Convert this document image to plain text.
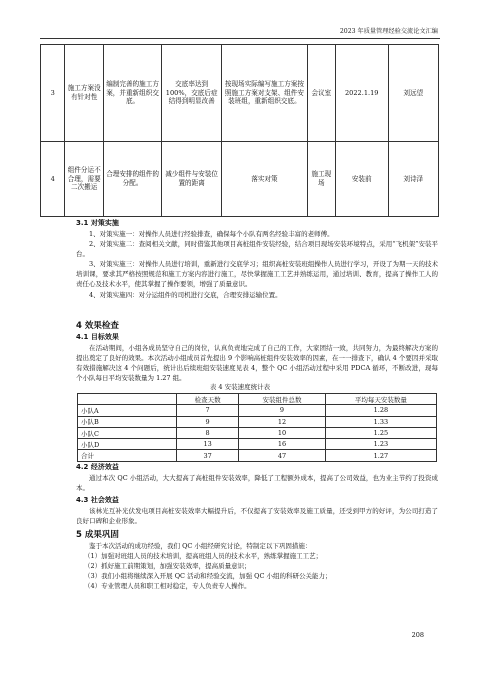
2023 年质量管理经验交流论文汇编
3	施工方案没有针对性	编制完善的施工方案，并重新组织交底。	交底率达到100%，交底后症结得到明显改善	按现场实际编写施工方案按照施工方案对支架、组件安装班组，重新组织交底。	会议室	2022.1.19	刘远望
4	组件分运不合理，需要二次搬运	合理安排的组件的分配。	减少组件与安装位置的距离	落实对策	施工现场	安装前	刘诗泽
3.1 对策实施

1、对策实施一：对操作人员进行经验排查，确保每个小队有两名经验丰富的老师傅。

2、对策实施二：查阅相关文献，同时借鉴其他项目高桩组件安装经验，结合项目现场安装环境特点，采用“飞机架”安装平台。

3、对策实施三：对操作人员进行培训，重新进行交底学习；组织高桩安装班组操作人员进行学习，开设了为期一天的技术培训课，要求其严格按照规范和施工方案内容进行施工，尽快掌握施工工艺并熟练运用，通过培训、教育，提高了操作工人的责任心及技术水平，使其掌握了操作要领，增强了质量意识。

4、对策实施四：对分运组件的司机进行交底，合理安排运输位置。

4 效果检查
4.1 目标效果

在活动期间，小组各成员坚守自己的岗位，认真负责地完成了自己的工作，大家团结一致，共同努力，为最终解决方案的提出奠定了良好的效果。本次活动小组成员首先提出 9 个影响高桩组件安装效率的因素，在一一排查下，确认 4 个要因并采取有效措施解决这 4 个问题后，统计出后续班组安装速度见表 4，整个 QC 小组活动过程中采用 PDCA 循环，不断改进，现每个小队每日平均安装数量为 1.27 组。

表 4 安装速度统计表
	检查天数	安装组件总数	平均每天安装数量
小队A	7	9	1.28
小队B	9	12	1.33
小队C	8	10	1.25
小队D	13	16	1.23
合计	37	47	1.27
4.2 经济效益

通过本次 QC 小组活动，大大提高了高桩组件安装效率，降低了工程额外成本，提高了公司效益，也为业主节约了投资成本。

4.3 社会效益

该林光互补光伏发电项目高桩安装效率大幅提升后，不仅提高了安装效率及施工质量，还受到甲方的好评，为公司打造了良好口碑和企业形象。

5 成果巩固

鉴于本次活动的成功经验，我们 QC 小组经研究讨论，特制定以下巩固措施：

（1）加强对班组人员的技术培训，提高班组人员的技术水平，熟练掌握施工工艺；

（2）抓好施工前期策划，加强安装效率，提高质量意识；

（3）我们小组将继续深入开展 QC 活动和经验交流，加强 QC 小组的科研公关能力；

（4）专业管理人员和职工相对稳定，专人负责专人操作。

208
